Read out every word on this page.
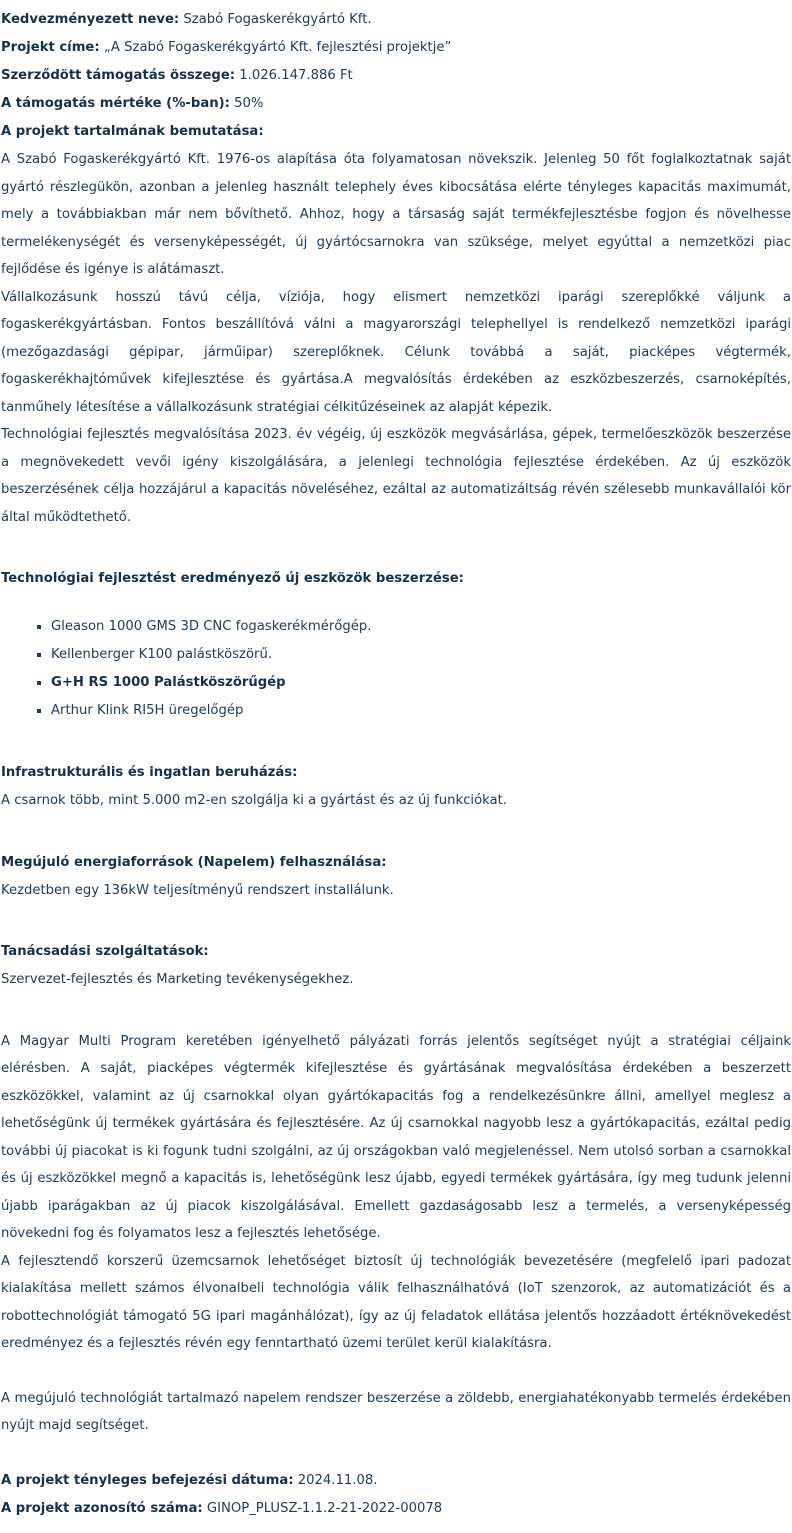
Kedvezményezett neve: Szabó Fogaskerékgyártó Kft.

Projekt címe: „A Szabó Fogaskerékgyártó Kft. fejlesztési projektje”

Szerződött támogatás összege: 1.026.147.886 Ft

A támogatás mértéke (%-ban): 50%

A projekt tartalmának bemutatása:

A Szabó Fogaskerékgyártó Kft. 1976-os alapítása óta folyamatosan növekszik. Jelenleg 50 főt foglalkoztatnak saját gyártó részlegükön, azonban a jelenleg használt telephely éves kibocsátása elérte tényleges kapacitás maximumát, mely a továbbiakban már nem bővíthető. Ahhoz, hogy a társaság saját termékfejlesztésbe fogjon és növelhesse termelékenységét és versenyképességét, új gyártócsarnokra van szüksége, melyet egyúttal a nemzetközi piac fejlődése és igénye is alátámaszt.

Vállalkozásunk hosszú távú célja, víziója, hogy elismert nemzetközi iparági szereplőkké váljunk a fogaskerékgyártásban. Fontos beszállítóvá válni a magyarországi telephellyel is rendelkező nemzetközi iparági (mezőgazdasági gépipar, járműipar) szereplőknek. Célunk továbbá a saját, piacképes végtermék, fogaskerékhajtóművek kifejlesztése és gyártása.A megvalósítás érdekében az eszközbeszerzés, csarnoképítés, tanműhely létesítése a vállalkozásunk stratégiai célkitűzéseinek az alapját képezik.

Technológiai fejlesztés megvalósítása 2023. év végéig, új eszközök megvásárlása, gépek, termelőeszközök beszerzése a megnövekedett vevői igény kiszolgálására, a jelenlegi technológia fejlesztése érdekében. Az új eszközök beszerzésének célja hozzájárul a kapacitás növeléséhez, ezáltal az automatizáltság révén szélesebb munkavállalói kör által működtethető.

Technológiai fejlesztést eredményező új eszközök beszerzése:

Gleason 1000 GMS 3D CNC fogaskerékmérőgép.
Kellenberger K100 palástköszörű.
G+H RS 1000 Palástköszörűgép
Arthur Klink RI5H üregelőgép

Infrastrukturális és ingatlan beruházás:

A csarnok több, mint 5.000 m2-en szolgálja ki a gyártást és az új funkciókat.

Megújuló energiaforrások (Napelem) felhasználása:

Kezdetben egy 136kW teljesítményű rendszert installálunk.

Tanácsadási szolgáltatások:

Szervezet-fejlesztés és Marketing tevékenységekhez.

A Magyar Multi Program keretében igényelhető pályázati forrás jelentős segítséget nyújt a stratégiai céljaink elérésben. A saját, piacképes végtermék kifejlesztése és gyártásának megvalósítása érdekében a beszerzett eszközökkel, valamint az új csarnokkal olyan gyártókapacitás fog a rendelkezésünkre állni, amellyel meglesz a lehetőségünk új termékek gyártására és fejlesztésére. Az új csarnokkal nagyobb lesz a gyártókapacitás, ezáltal pedig további új piacokat is ki fogunk tudni szolgálni, az új országokban való megjelenéssel. Nem utolsó sorban a csarnokkal és új eszközökkel megnő a kapacitás is, lehetőségünk lesz újabb, egyedi termékek gyártására, így meg tudunk jelenni újabb iparágakban az új piacok kiszolgálásával. Emellett gazdaságosabb lesz a termelés, a versenyképesség növekedni fog és folyamatos lesz a fejlesztés lehetősége.

A fejlesztendő korszerű üzemcsarnok lehetőséget biztosít új technológiák bevezetésére (megfelelő ipari padozat kialakítása mellett számos élvonalbeli technológia válik felhasználhatóvá (IoT szenzorok, az automatizációt és a robottechnológiát támogató 5G ipari magánhálózat), így az új feladatok ellátása jelentős hozzáadott értéknövekedést eredményez és a fejlesztés révén egy fenntartható üzemi terület kerül kialakításra.

A megújuló technológiát tartalmazó napelem rendszer beszerzése a zöldebb, energiahatékonyabb termelés érdekében nyújt majd segítséget.

A projekt tényleges befejezési dátuma: 2024.11.08.

A projekt azonosító száma: GINOP_PLUSZ-1.1.2-21-2022-00078
